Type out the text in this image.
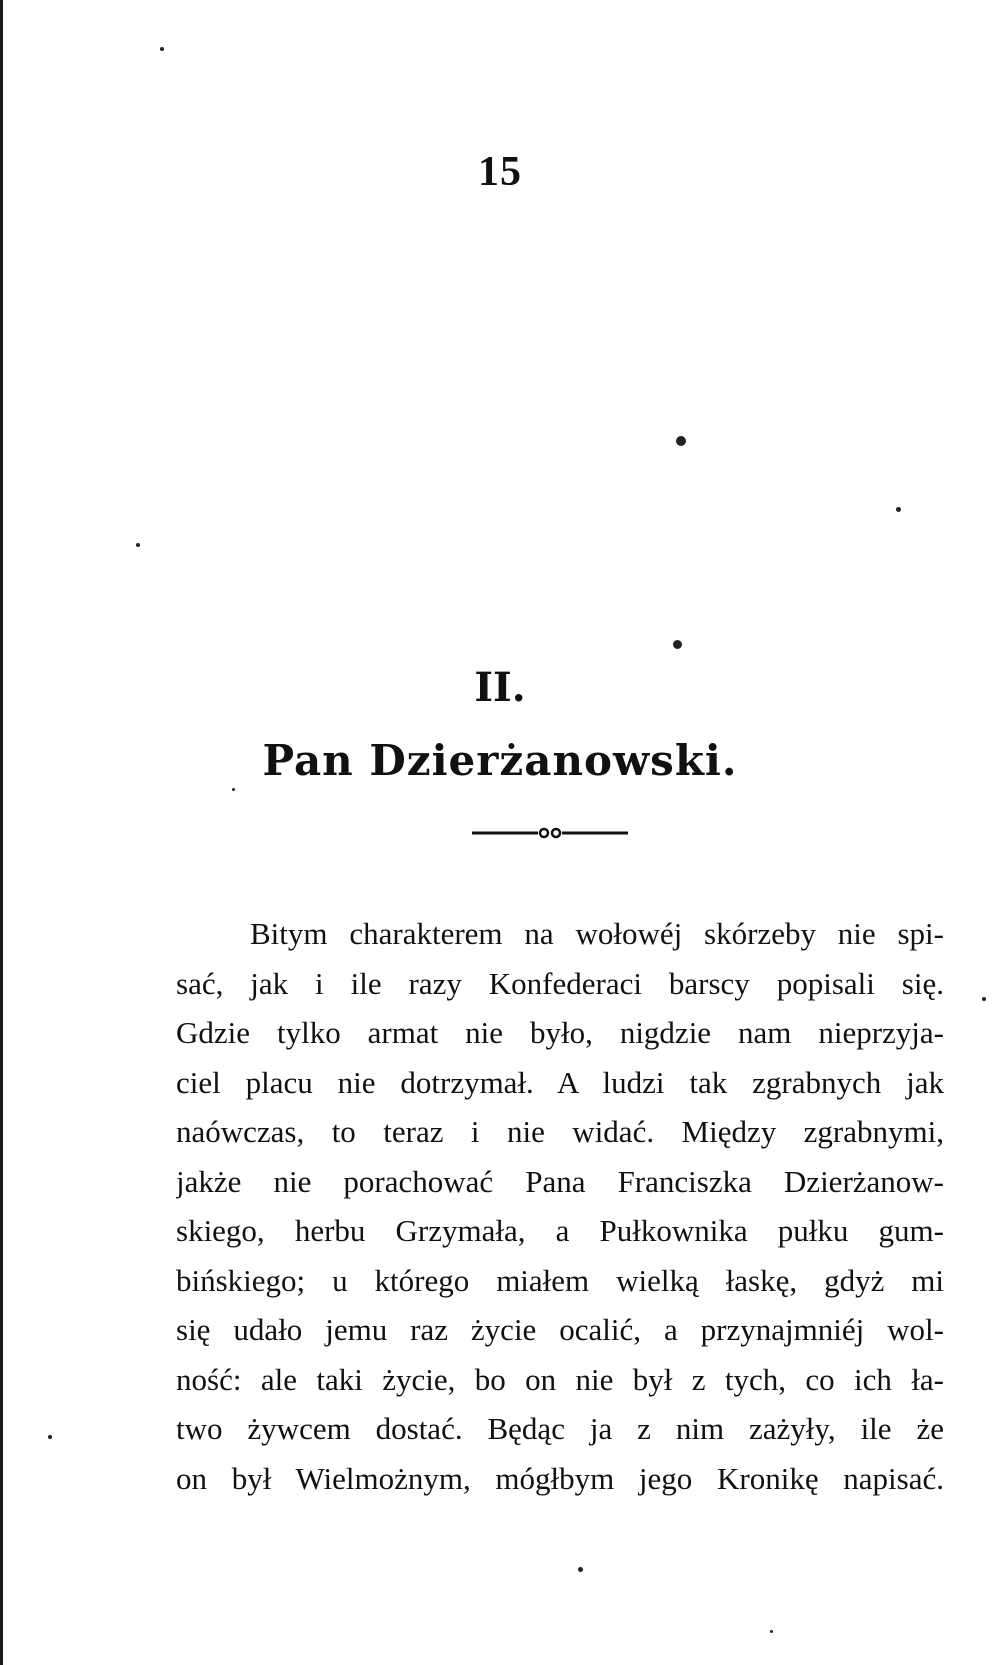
15
II.
Pan Dzierżanowski.
Bitym charakterem na wołowéj skórzeby nie spi-
sać, jak i ile razy Konfederaci barscy popisali się.
Gdzie tylko armat nie było, nigdzie nam nieprzyja-
ciel placu nie dotrzymał. A ludzi tak zgrabnych jak
naówczas, to teraz i nie widać. Między zgrabnymi,
jakże nie porachować Pana Franciszka Dzierżanow-
skiego, herbu Grzymała, a Pułkownika pułku gum-
bińskiego; u którego miałem wielką łaskę, gdyż mi
się udało jemu raz życie ocalić, a przynajmniéj wol-
ność: ale taki życie, bo on nie był z tych, co ich ła-
two żywcem dostać. Będąc ja z nim zażyły, ile że
on był Wielmożnym, mógłbym jego Kronikę napisać.
